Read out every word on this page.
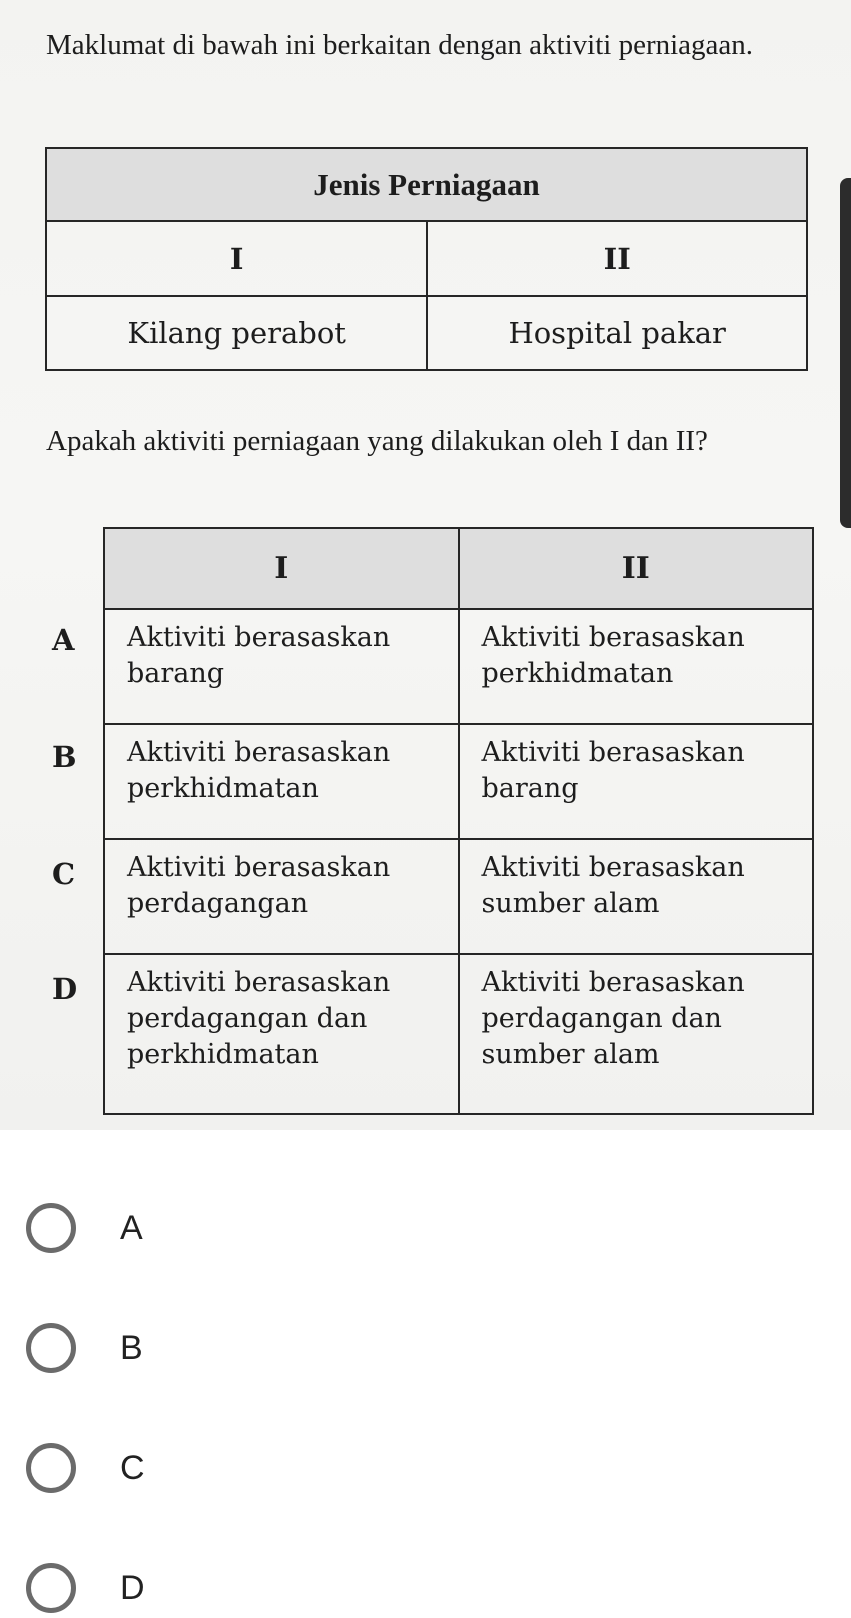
Maklumat di bawah ini berkaitan dengan aktiviti perniagaan.

Jenis Perniagaan	
I	II
Kilang perabot	Hospital pakar

Apakah aktiviti perniagaan yang dilakukan oleh I dan II?

I	II
Aktiviti berasaskan barang	Aktiviti berasaskan perkhidmatan
Aktiviti berasaskan perkhidmatan	Aktiviti berasaskan barang
Aktiviti berasaskan perdagangan	Aktiviti berasaskan sumber alam
Aktiviti berasaskan perdagangan dan perkhidmatan	Aktiviti berasaskan perdagangan dan sumber alam
A
B
C
D
A
B
C
D
